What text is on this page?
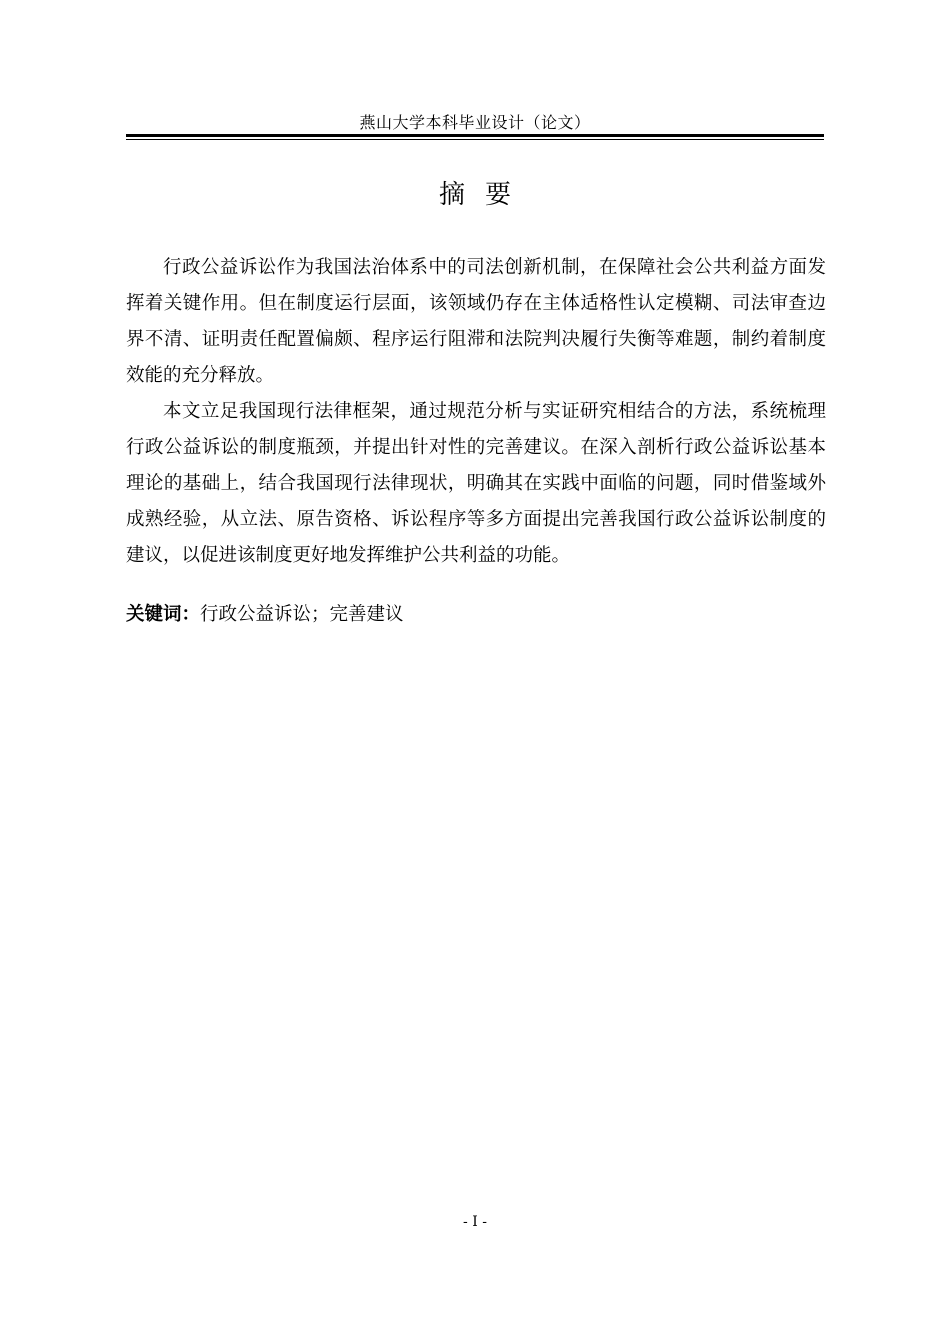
燕山大学本科毕业设计（论文）
摘要

行政公益诉讼作为我国法治体系中的司法创新机制，在保障社会公共利益方面发挥着关键作用。但在制度运行层面，该领域仍存在主体适格性认定模糊、司法审查边界不清、证明责任配置偏颇、程序运行阻滞和法院判决履行失衡等难题，制约着制度效能的充分释放。

本文立足我国现行法律框架，通过规范分析与实证研究相结合的方法，系统梳理行政公益诉讼的制度瓶颈，并提出针对性的完善建议。在深入剖析行政公益诉讼基本理论的基础上，结合我国现行法律现状，明确其在实践中面临的问题，同时借鉴域外成熟经验，从立法、原告资格、诉讼程序等多方面提出完善我国行政公益诉讼制度的建议，以促进该制度更好地发挥维护公共利益的功能。

关键词：行政公益诉讼；完善建议
- I -
